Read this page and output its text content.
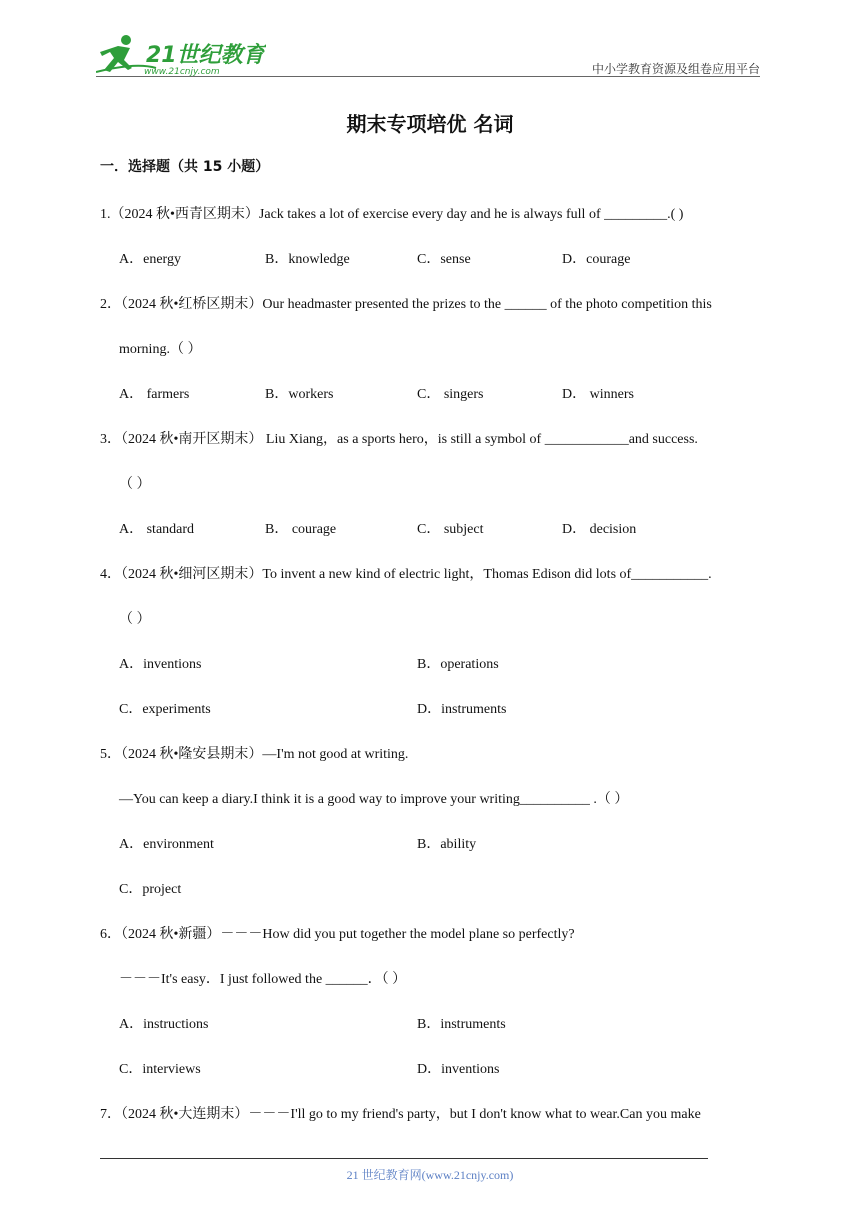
21世纪教育
www.21cnjy.com	中小学教育资源及组卷应用平台
期末专项培优 名词
一．选择题（共 15 小题）
1.（2024 秋•西青区期末）Jack takes a lot of exercise every day and he is always full of _________.( )
A．energy	B．knowledge	C．sense	D．courage
2．（2024 秋•红桥区期末）Our headmaster presented the prizes to the ______ of the photo competition this
morning.（ ）
A． farmers	B．workers	C． singers	D． winners
3．（2024 秋•南开区期末） Liu Xiang，as a sports hero，is still a symbol of ____________and success.
（ ）
A． standard	B． courage	C． subject	D． decision
4．（2024 秋•细河区期末）To invent a new kind of electric light，Thomas Edison did lots of___________.
（ ）
A．inventions	B．operations
C．experiments	D．instruments
5．（2024 秋•隆安县期末）—I'm not good at writing.
—You can keep a diary.I think it is a good way to improve your writing__________ .（ ）
A．environment	B．ability
C．project
6．（2024 秋•新疆）－－－How did you put together the model plane so perfectly?
－－－It's easy．I just followed the ______．（ ）
A．instructions	B．instruments
C．interviews	D．inventions
7．（2024 秋•大连期末）－－－I'll go to my friend's party，but I don't know what to wear.Can you make
21 世纪教育网(www.21cnjy.com)
